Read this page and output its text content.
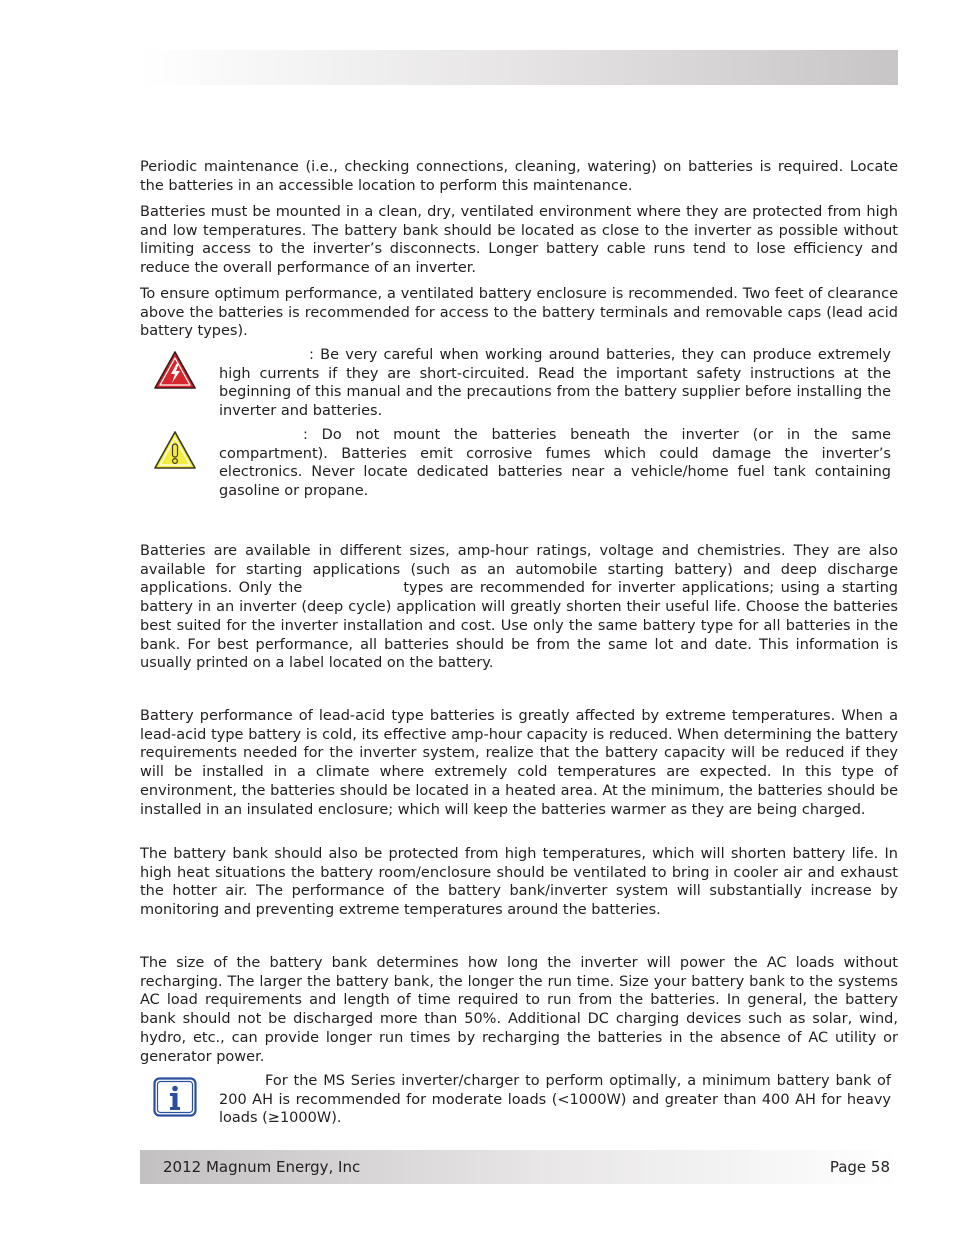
Periodic maintenance (i.e., checking connections, cleaning, watering) on batteries is required. Locate the batteries in an accessible location to perform this maintenance.

Batteries must be mounted in a clean, dry, ventilated environment where they are protected from high and low temperatures. The battery bank should be located as close to the inverter as possible without limiting access to the inverter’s disconnects. Longer battery cable runs tend to lose efficiency and reduce the overall performance of an inverter.

To ensure optimum performance, a ventilated battery enclosure is recommended. Two feet of clearance above the batteries is recommended for access to the battery terminals and removable caps (lead acid battery types).

: Be very careful when working around batteries, they can produce extremely high currents if they are short-circuited. Read the important safety instructions at the beginning of this manual and the precautions from the battery supplier before installing the inverter and batteries.

: Do not mount the batteries beneath the inverter (or in the same compartment). Batteries emit corrosive fumes which could damage the inverter’s electronics. Never locate dedicated batteries near a vehicle/home fuel tank containing gasoline or propane.

Batteries are available in different sizes, amp-hour ratings, voltage and chemistries. They are also available for starting applications (such as an automobile starting battery) and deep discharge applications. Only the	types are recommended for inverter applications; using a starting battery in an inverter (deep cycle) application will greatly shorten their useful life. Choose the batteries best suited for the inverter installation and cost. Use only the same battery type for all batteries in the bank. For best performance, all batteries should be from the same lot and date. This information is usually printed on a label located on the battery.

Battery performance of lead-acid type batteries is greatly affected by extreme temperatures. When a lead-acid type battery is cold, its effective amp-hour capacity is reduced. When determining the battery requirements needed for the inverter system, realize that the battery capacity will be reduced if they will be installed in a climate where extremely cold temperatures are expected. In this type of environment, the batteries should be located in a heated area. At the minimum, the batteries should be installed in an insulated enclosure; which will keep the batteries warmer as they are being charged.

The battery bank should also be protected from high temperatures, which will shorten battery life. In high heat situations the battery room/enclosure should be ventilated to bring in cooler air and exhaust the hotter air. The performance of the battery bank/inverter system will substantially increase by monitoring and preventing extreme temperatures around the batteries.

The size of the battery bank determines how long the inverter will power the AC loads without recharging. The larger the battery bank, the longer the run time. Size your battery bank to the systems AC load requirements and length of time required to run from the batteries. In general, the battery bank should not be discharged more than 50%. Additional DC charging devices such as solar, wind, hydro, etc., can provide longer run times by recharging the batteries in the absence of AC utility or generator power.

For the MS Series inverter/charger to perform optimally, a minimum battery bank of 200 AH is recommended for moderate loads (<1000W) and greater than 400 AH for heavy loads (≥1000W).

2012 Magnum Energy, Inc	Page 58
